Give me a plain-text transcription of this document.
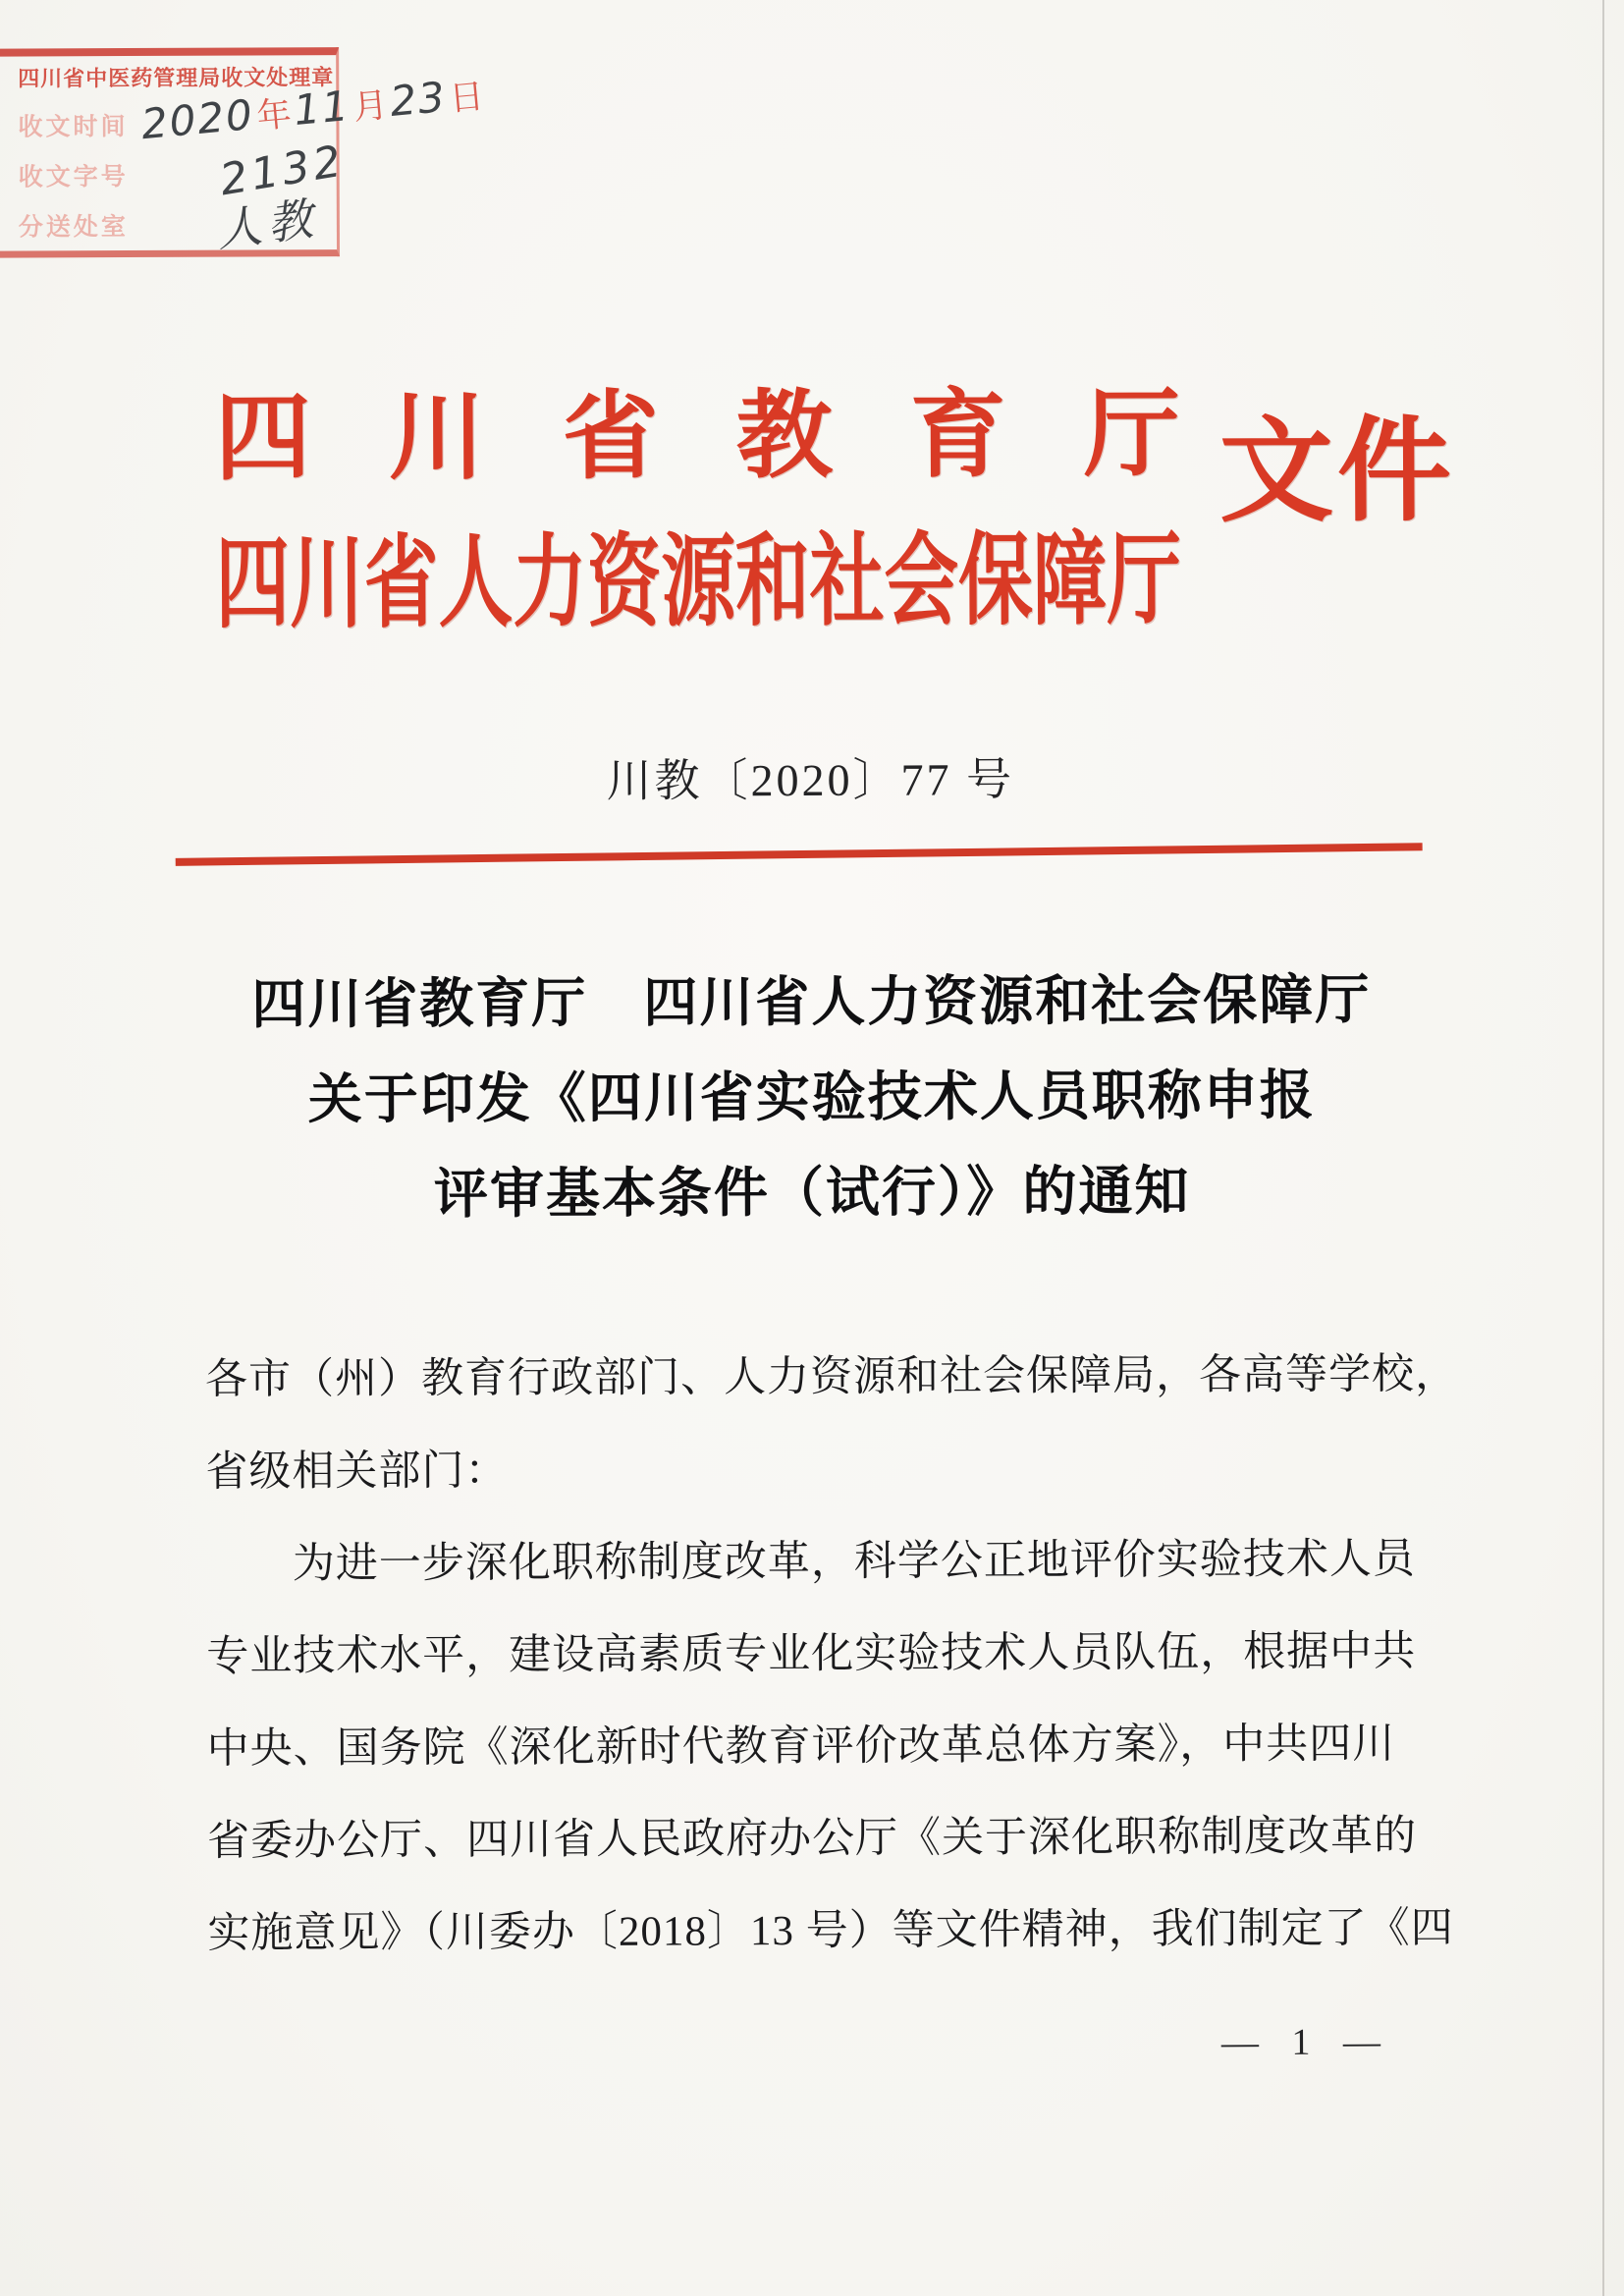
四川省中医药管理局收文处理章
收文时间
收文字号
分送处室
2020年11月23日
2132
人教
四川省教育厅
四川省人力资源和社会保障厅
文件
川教〔2020〕77 号
四川省教育厅　四川省人力资源和社会保障厅
关于印发《四川省实验技术人员职称申报
评审基本条件（试行）》的通知
各市（州）教育行政部门、人力资源和社会保障局，各高等学校，
省级相关部门：
为进一步深化职称制度改革，科学公正地评价实验技术人员
专业技术水平，建设高素质专业化实验技术人员队伍，根据中共
中央、国务院《深化新时代教育评价改革总体方案》，中共四川
省委办公厅、四川省人民政府办公厅《关于深化职称制度改革的
实施意见》（川委办〔2018〕13 号）等文件精神，我们制定了《四
— 1 —
